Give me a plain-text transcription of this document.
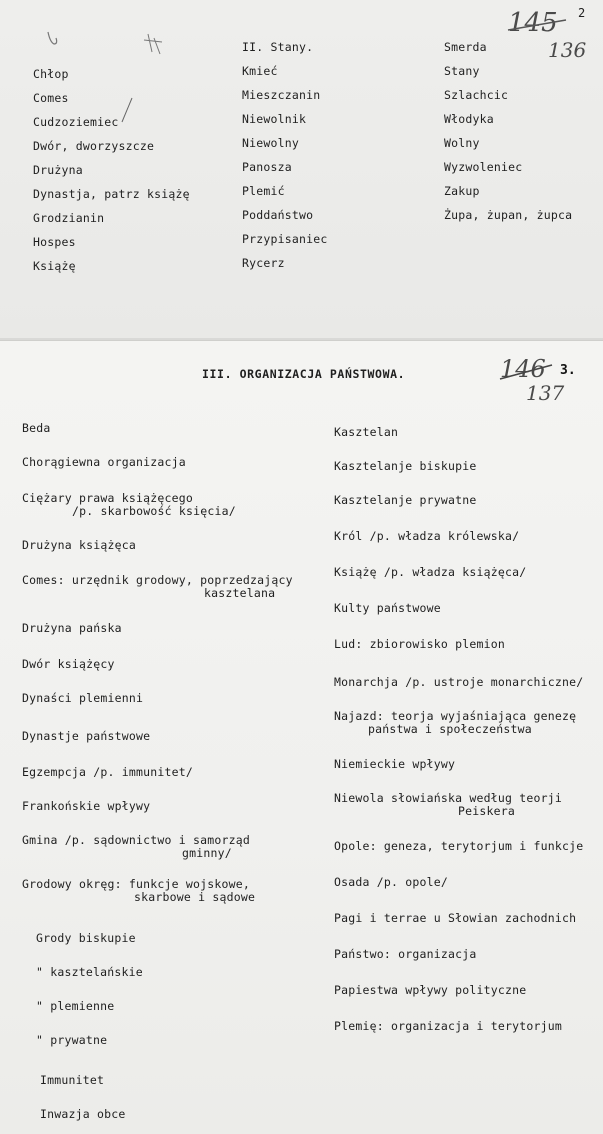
145 2
136
Chłop
Comes
Cudzoziemiec
Dwór, dworzyszcze
Drużyna
Dynastja, patrz książę
Grodzianin
Hospes
Książę
II. Stany.
Kmieć
Mieszczanin
Niewolnik
Niewolny
Panosza
Plemić
Poddaństwo
Przypisaniec
Rycerz
Smerda
Stany
Szlachcic
Włodyka
Wolny
Wyzwoleniec
Zakup
Żupa, żupan, żupca
III. ORGANIZACJA PAŃSTWOWA.	146 3.
137
Beda
Chorągiewna organizacja
Ciężary prawa książęcego
/p. skarbowość księcia/
Drużyna książęca
Comes: urzędnik grodowy, poprzedzający
kasztelana
Drużyna pańska
Dwór książęcy
Dynaści plemienni
Dynastje państwowe
Egzempcja /p. immunitet/
Frankońskie wpływy
Gmina /p. sądownictwo i samorząd
gminny/
Grodowy okręg: funkcje wojskowe,
skarbowe i sądowe
Grody biskupie
" kasztelańskie
" plemienne
" prywatne
Immunitet
Inwazja obce
Kasztelan
Kasztelanje biskupie
Kasztelanje prywatne
Król /p. władza królewska/
Książę /p. władza książęca/
Kulty państwowe
Lud: zbiorowisko plemion
Monarchja /p. ustroje monarchiczne/
Najazd: teorja wyjaśniająca genezę
państwa i społeczeństwa
Niemieckie wpływy
Niewola słowiańska według teorji
Peiskera
Opole: geneza, terytorjum i funkcje
Osada /p. opole/
Pagi i terrae u Słowian zachodnich
Państwo: organizacja
Papiestwa wpływy polityczne
Plemię: organizacja i terytorjum
